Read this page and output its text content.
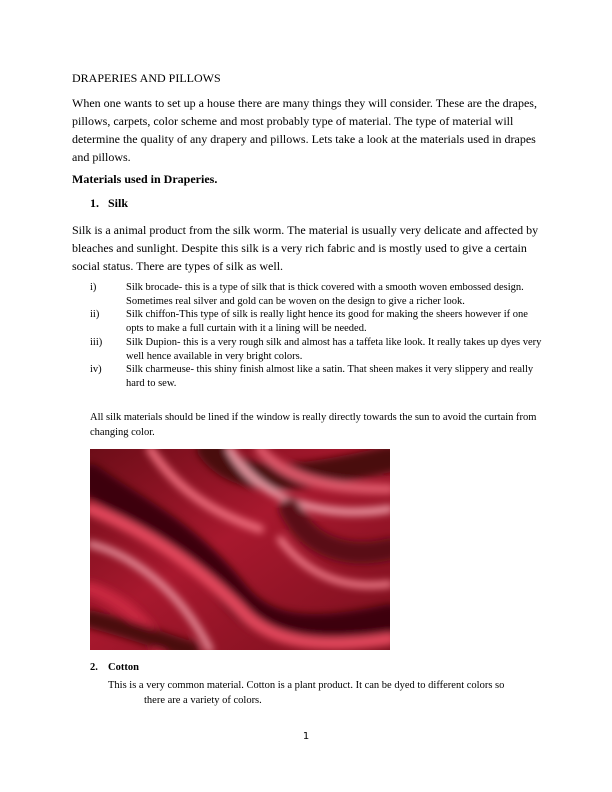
DRAPERIES AND PILLOWS

When one wants to set up a house there are many things they will consider. These are the drapes, pillows, carpets, color scheme and most probably type of material. The type of material will determine the quality of any drapery and pillows. Lets take a look at the materials used in drapes and pillows.

Materials used in Draperies.

1. Silk

Silk is a animal product from the silk worm. The material is usually very delicate and affected by bleaches and sunlight. Despite this silk is a very rich fabric and is mostly used to give a certain social status. There are types of silk as well.

i)	Silk brocade- this is a type of silk that is thick covered with a smooth woven embossed design. Sometimes real silver and gold can be woven on the design to give a richer look.
ii)	Silk chiffon-This type of silk is really light hence its good for making the sheers however if one opts to make a full curtain with it a lining will be needed.
iii)	Silk Dupion- this is a very rough silk and almost has a taffeta like look. It really takes up dyes very well hence available in very bright colors.
iv)	Silk charmeuse- this shiny finish almost like a satin. That sheen makes it very slippery and really hard to sew.

All silk materials should be lined if the window is really directly towards the sun to avoid the curtain from changing color.

2. Cotton

This is a very common material. Cotton is a plant product. It can be dyed to different colors so
there are a variety of colors.

1
